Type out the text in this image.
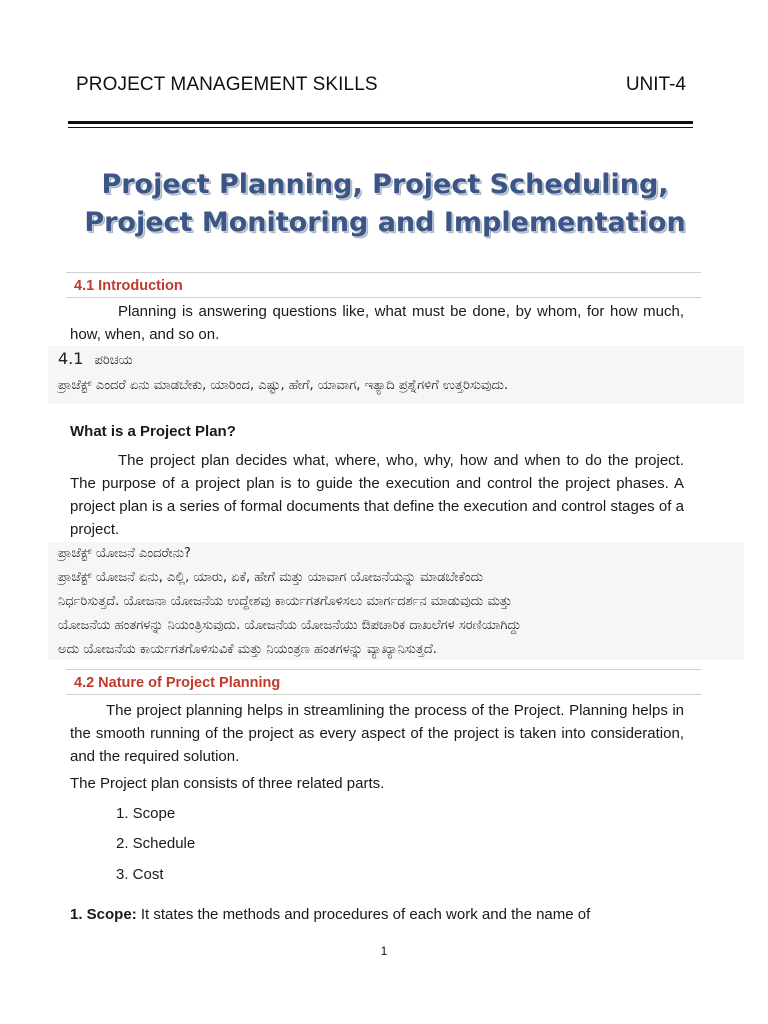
PROJECT MANAGEMENT SKILLS	UNIT-4
Project Planning, Project Scheduling,
Project Monitoring and Implementation
4.1 Introduction
Planning is answering questions like, what must be done, by whom, for how much, how, when, and so on.
4.1 ಪರಿಚಯ
ಪ್ರಾಜೆಕ್ಟ್ ಎಂದರೆ ಏನು ಮಾಡಬೇಕು, ಯಾರಿಂದ, ಎಷ್ಟು, ಹೇಗೆ, ಯಾವಾಗ, ಇತ್ಯಾದಿ ಪ್ರಶ್ನೆಗಳಿಗೆ ಉತ್ತರಿಸುವುದು.
What is a Project Plan?
The project plan decides what, where, who, why, how and when to do the project. The purpose of a project plan is to guide the execution and control the project phases. A project plan is a series of formal documents that define the execution and control stages of a project.
ಪ್ರಾಜೆಕ್ಟ್ ಯೋಜನೆ ಎಂದರೇನು?
ಪ್ರಾಜೆಕ್ಟ್ ಯೋಜನೆ ಏನು, ಎಲ್ಲಿ, ಯಾರು, ಏಕೆ, ಹೇಗೆ ಮತ್ತು ಯಾವಾಗ ಯೋಜನೆಯನ್ನು ಮಾಡಬೇಕೆಂದು
ನಿರ್ಧರಿಸುತ್ತದೆ. ಯೋಜನಾ ಯೋಜನೆಯ ಉದ್ದೇಶವು ಕಾರ್ಯಗತಗೊಳಿಸಲು ಮಾರ್ಗದರ್ಶನ ಮಾಡುವುದು ಮತ್ತು
ಯೋಜನೆಯ ಹಂತಗಳನ್ನು ನಿಯಂತ್ರಿಸುವುದು. ಯೋಜನೆಯ ಯೋಜನೆಯು ಔಪಚಾರಿಕ ದಾಖಲೆಗಳ ಸರಣಿಯಾಗಿದ್ದು
ಅದು ಯೋಜನೆಯ ಕಾರ್ಯಗತಗೊಳಿಸುವಿಕೆ ಮತ್ತು ನಿಯಂತ್ರಣ ಹಂತಗಳನ್ನು ವ್ಯಾಖ್ಯಾನಿಸುತ್ತದೆ.
4.2 Nature of Project Planning
The project planning helps in streamlining the process of the Project. Planning helps in the smooth running of the project as every aspect of the project is taken into consideration, and the required solution.
The Project plan consists of three related parts.
1. Scope
2. Schedule
3. Cost
1. Scope: It states the methods and procedures of each work and the name of
1
